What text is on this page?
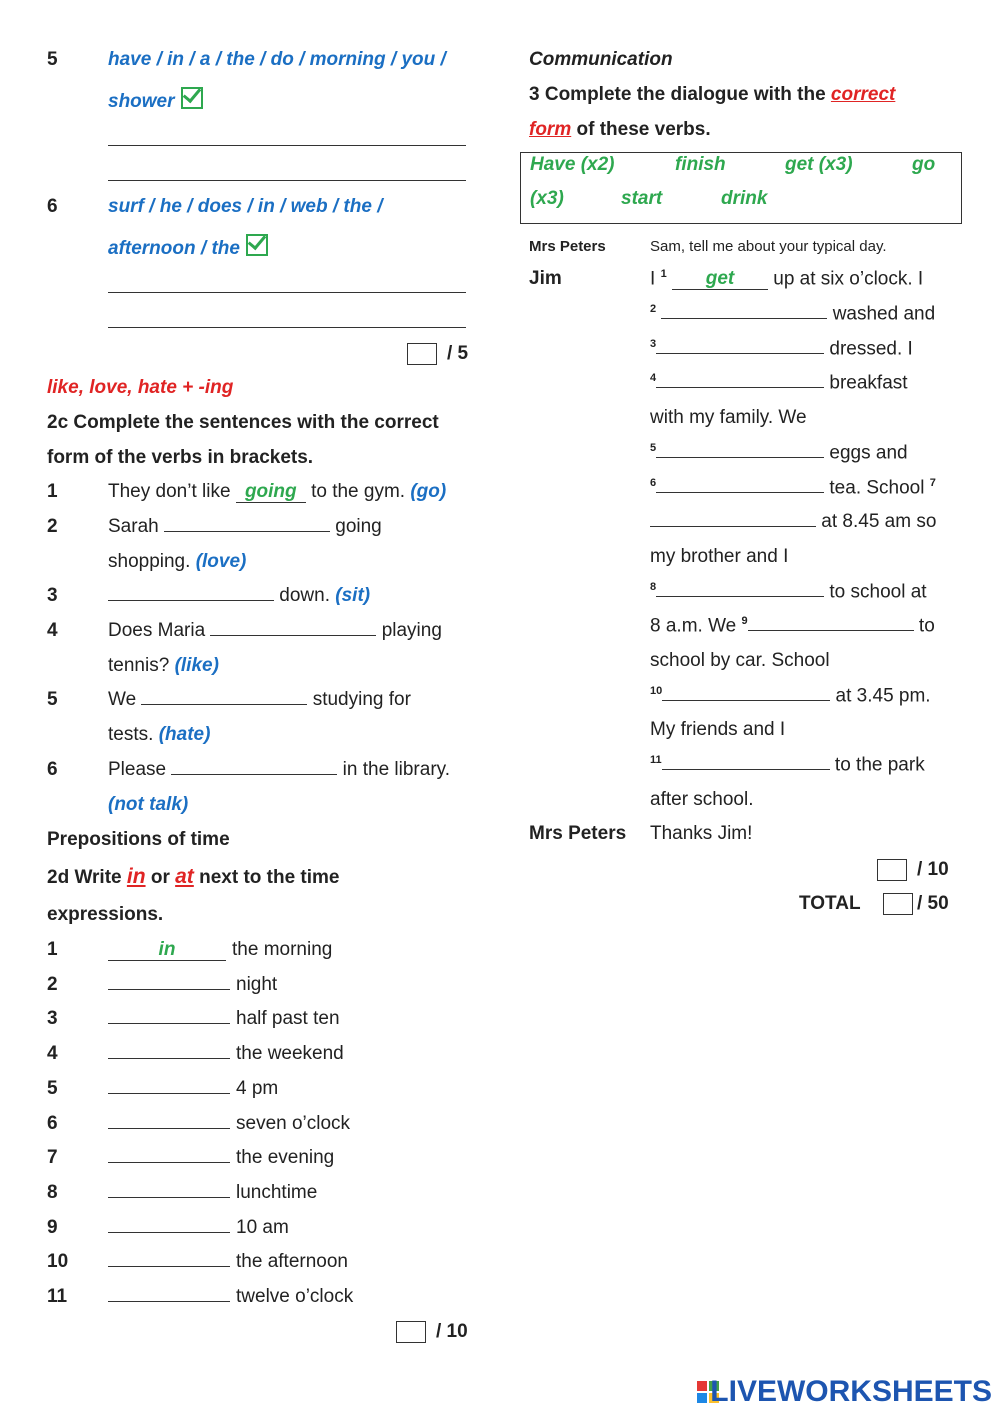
5	have / in / a / the / do / morning / you /
shower
6	surf / he / does / in / web / the /
afternoon / the
/ 5
like, love, hate + -ing
2c Complete the sentences with the correct
form of the verbs in brackets.
1	They don’t like going to the gym. (go)
2	Sarah	going
shopping. (love)
3	down. (sit)
4	Does Maria	playing
tennis? (like)
5	We	studying for
tests. (hate)
6	Please	in the library.
(not talk)
Prepositions of time
2d Write in or at next to the time
expressions.
1	in	the morning
2	night
3	half past ten
4	the weekend
5	4 pm
6	seven o’clock
7	the evening
8	lunchtime
9	10 am
10	the afternoon
11	twelve o’clock
/ 10
Communication
3 Complete the dialogue with the correct
form of these verbs.
Have (x2)	finish	get (x3)	go
(x3)	start	drink
Mrs Peters	Sam, tell me about your typical day.
Jim	I $^1$ get up at six o’clock. I
$^2$	washed and
$^3$	dressed. I
$^4$	breakfast
with my family. We
$^5$	eggs and
$^6$	tea. School $^7$
at 8.45 am so
my brother and I
$^8$	to school at
8 a.m. We $^9$	to
school by car. School
$^{10}$	at 3.45 pm.
My friends and I
$^{11}$	to the park
after school.
Mrs Peters Thanks Jim!
/ 10
TOTAL	/ 50
LIVEWORKSHEETS
